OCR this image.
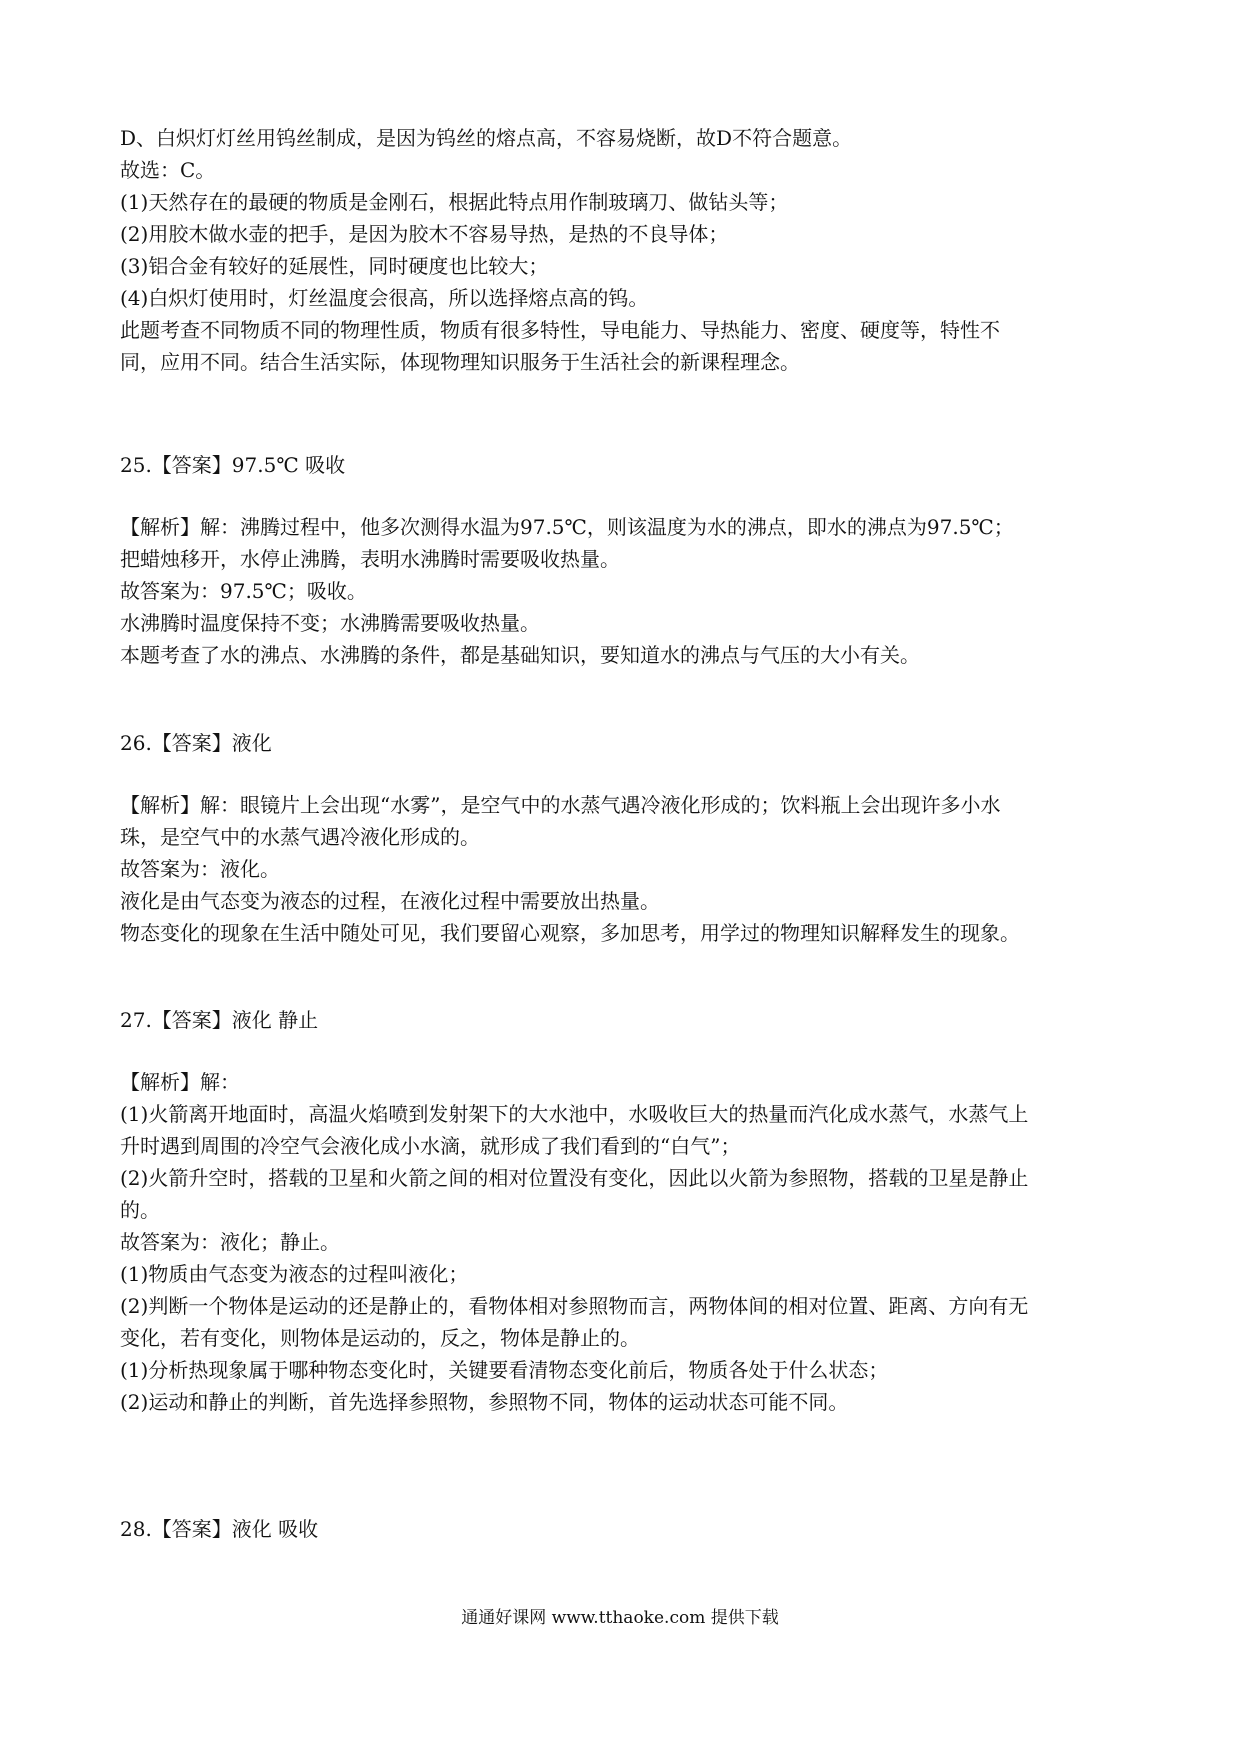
D、白炽灯灯丝用钨丝制成，是因为钨丝的熔点高，不容易烧断，故D不符合题意。
故选：C。
(1)天然存在的最硬的物质是金刚石，根据此特点用作制玻璃刀、做钻头等；
(2)用胶木做水壶的把手，是因为胶木不容易导热，是热的不良导体；
(3)铝合金有较好的延展性，同时硬度也比较大；
(4)白炽灯使用时，灯丝温度会很高，所以选择熔点高的钨。
此题考查不同物质不同的物理性质，物质有很多特性，导电能力、导热能力、密度、硬度等，特性不
同，应用不同。结合生活实际，体现物理知识服务于生活社会的新课程理念。
25.【答案】97.5℃ 吸收
【解析】解：沸腾过程中，他多次测得水温为97.5℃，则该温度为水的沸点，即水的沸点为97.5℃；
把蜡烛移开，水停止沸腾，表明水沸腾时需要吸收热量。
故答案为：97.5℃；吸收。
水沸腾时温度保持不变；水沸腾需要吸收热量。
本题考查了水的沸点、水沸腾的条件，都是基础知识，要知道水的沸点与气压的大小有关。
26.【答案】液化
【解析】解：眼镜片上会出现“水雾”，是空气中的水蒸气遇冷液化形成的；饮料瓶上会出现许多小水
珠，是空气中的水蒸气遇冷液化形成的。
故答案为：液化。
液化是由气态变为液态的过程，在液化过程中需要放出热量。
物态变化的现象在生活中随处可见，我们要留心观察，多加思考，用学过的物理知识解释发生的现象。
27.【答案】液化 静止
【解析】解：
(1)火箭离开地面时，高温火焰喷到发射架下的大水池中，水吸收巨大的热量而汽化成水蒸气，水蒸气上
升时遇到周围的冷空气会液化成小水滴，就形成了我们看到的“白气”；
(2)火箭升空时，搭载的卫星和火箭之间的相对位置没有变化，因此以火箭为参照物，搭载的卫星是静止
的。
故答案为：液化；静止。
(1)物质由气态变为液态的过程叫液化；
(2)判断一个物体是运动的还是静止的，看物体相对参照物而言，两物体间的相对位置、距离、方向有无
变化，若有变化，则物体是运动的，反之，物体是静止的。
(1)分析热现象属于哪种物态变化时，关键要看清物态变化前后，物质各处于什么状态；
(2)运动和静止的判断，首先选择参照物，参照物不同，物体的运动状态可能不同。
28.【答案】液化 吸收
通通好课网 www.tthaoke.com 提供下载
